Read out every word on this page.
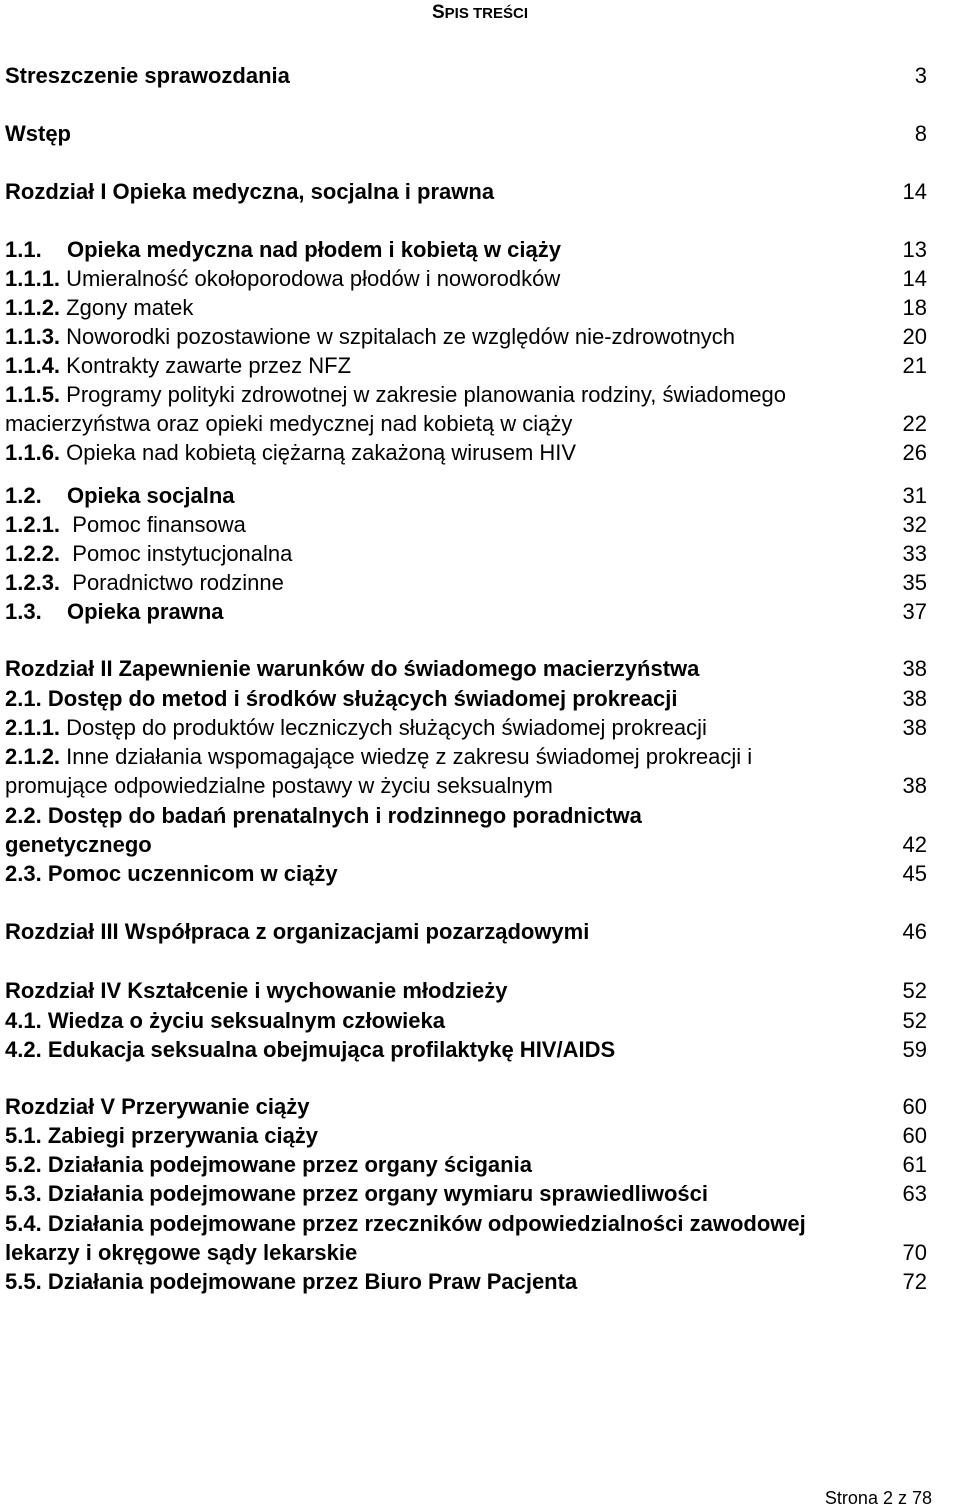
SPIS TREŚCI
Streszczenie sprawozdania	3
Wstęp	8
Rozdział I Opieka medyczna, socjalna i prawna	14
1.1. Opieka medyczna nad płodem i kobietą w ciąży	13
1.1.1. Umieralność okołoporodowa płodów i noworodków	14
1.1.2. Zgony matek	18
1.1.3. Noworodki pozostawione w szpitalach ze względów nie-zdrowotnych	20
1.1.4. Kontrakty zawarte przez NFZ	21
1.1.5. Programy polityki zdrowotnej w zakresie planowania rodziny, świadomego
macierzyństwa oraz opieki medycznej nad kobietą w ciąży	22
1.1.6. Opieka nad kobietą ciężarną zakażoną wirusem HIV	26
1.2. Opieka socjalna	31
1.2.1.  Pomoc finansowa	32
1.2.2.  Pomoc instytucjonalna	33
1.2.3.  Poradnictwo rodzinne	35
1.3. Opieka prawna	37
Rozdział II Zapewnienie warunków do świadomego macierzyństwa	38
2.1. Dostęp do metod i środków służących świadomej prokreacji	38
2.1.1. Dostęp do produktów leczniczych służących świadomej prokreacji	38
2.1.2. Inne działania wspomagające wiedzę z zakresu świadomej prokreacji i
promujące odpowiedzialne postawy w życiu seksualnym	38
2.2. Dostęp do badań prenatalnych i rodzinnego poradnictwa
genetycznego	42
2.3. Pomoc uczennicom w ciąży	45
Rozdział III Współpraca z organizacjami pozarządowymi	46
Rozdział IV Kształcenie i wychowanie młodzieży	52
4.1. Wiedza o życiu seksualnym człowieka	52
4.2. Edukacja seksualna obejmująca profilaktykę HIV/AIDS	59
Rozdział V Przerywanie ciąży	60
5.1. Zabiegi przerywania ciąży	60
5.2. Działania podejmowane przez organy ścigania	61
5.3. Działania podejmowane przez organy wymiaru sprawiedliwości	63
5.4. Działania podejmowane przez rzeczników odpowiedzialności zawodowej
lekarzy i okręgowe sądy lekarskie	70
5.5. Działania podejmowane przez Biuro Praw Pacjenta	72
Strona 2 z 78
